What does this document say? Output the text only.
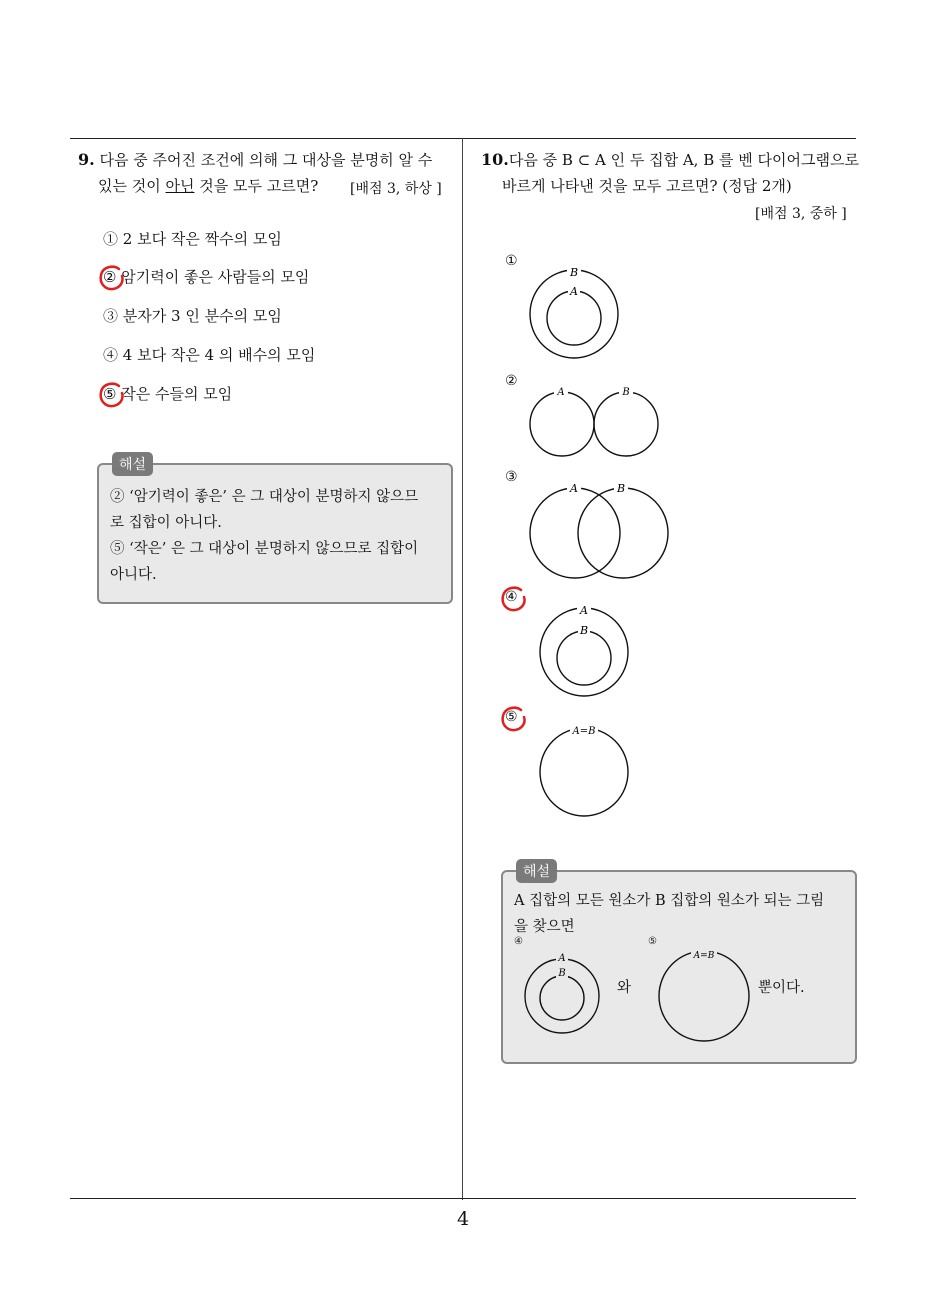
4
9. 다음 중 주어진 조건에 의해 그 대상을 분명히 알 수
있는 것이 아닌 것을 모두 고르면? [배점 3, 하상 ]
① 2 보다 작은 짝수의 모임
② 암기력이 좋은 사람들의 모임
③ 분자가 3 인 분수의 모임
④ 4 보다 작은 4 의 배수의 모임
⑤ 작은 수들의 모임
해설
② ‘암기력이 좋은’ 은 그 대상이 분명하지 않으므
로 집합이 아니다.
⑤ ‘작은’ 은 그 대상이 분명하지 않으므로 집합이
아니다.
10.다음 중 B ⊂ A 인 두 집합 A, B 를 벤 다이어그램으로
바르게 나타낸 것을 모두 고르면? (정답 2개)
[배점 3, 중하 ]
①
B
A
②
A	B
③
A	B
④
A
B
⑤
A=B
해설
A 집합의 모든 원소가 B 집합의 원소가 되는 그림
을 찾으면
④
A
B
와
⑤
A=B
뿐이다.
